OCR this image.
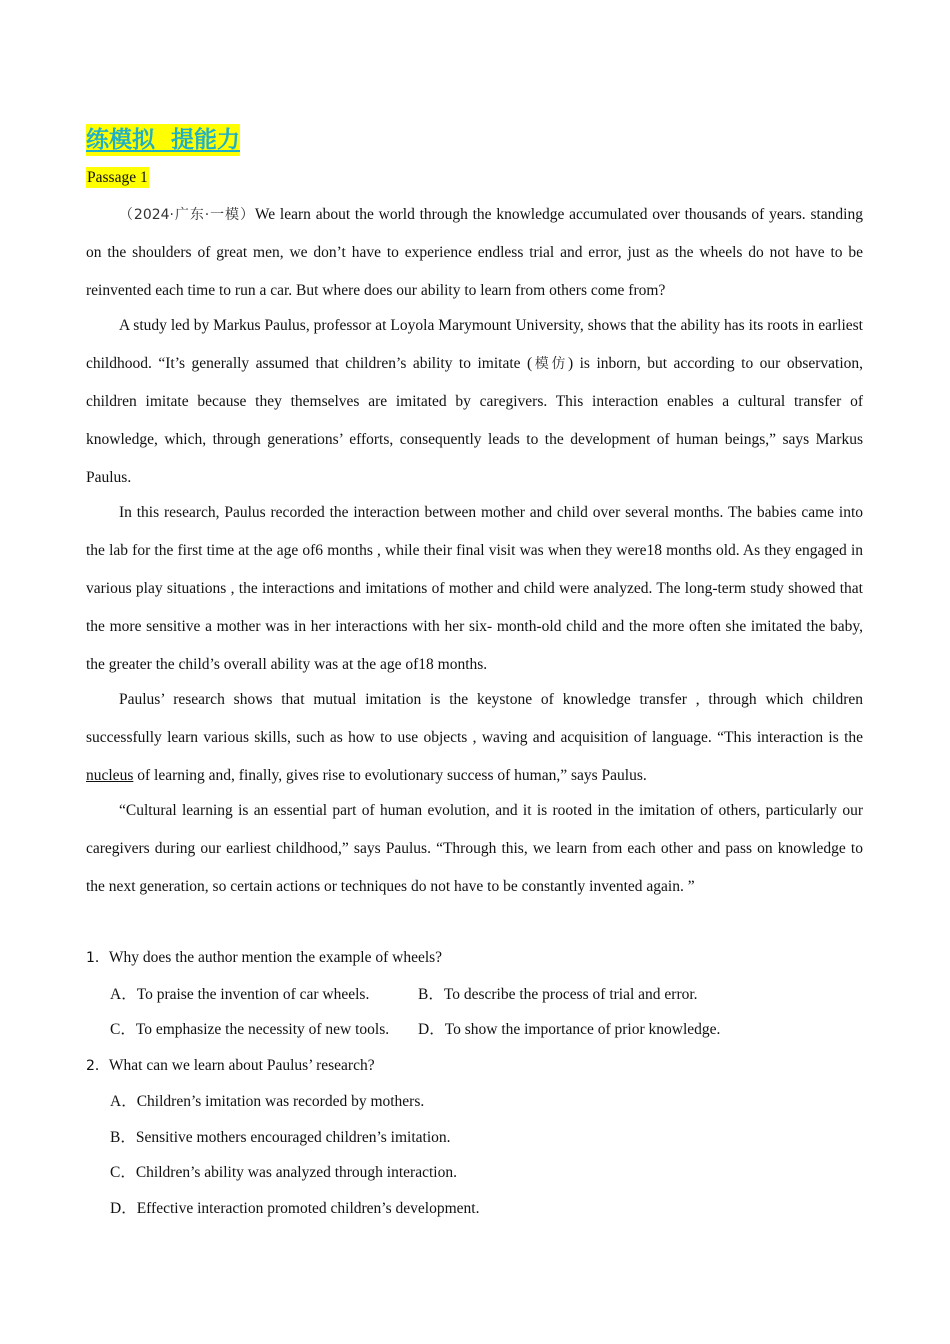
练模拟  提能力
Passage 1

（2024·广东·一模）We learn about the world through the knowledge accumulated over thousands of years. standing on the shoulders of great men, we don’t have to experience endless trial and error, just as the wheels do not have to be reinvented each time to run a car. But where does our ability to learn from others come from?

A study led by Markus Paulus, professor at Loyola Marymount University, shows that the ability has its roots in earliest childhood. “It’s generally assumed that children’s ability to imitate (模仿) is inborn, but according to our observation, children imitate because they themselves are imitated by caregivers. This interaction enables a cultural transfer of knowledge, which, through generations’ efforts, consequently leads to the development of human beings,” says Markus Paulus.

In this research, Paulus recorded the interaction between mother and child over several months. The babies came into the lab for the first time at the age of6 months , while their final visit was when they were18 months old. As they engaged in various play situations , the interactions and imitations of mother and child were analyzed. The long-term study showed that the more sensitive a mother was in her interactions with her six- month-old child and the more often she imitated the baby, the greater the child’s overall ability was at the age of18 months.

Paulus’ research shows that mutual imitation is the keystone of knowledge transfer , through which children successfully learn various skills, such as how to use objects , waving and acquisition of language. “This interaction is the nucleus of learning and, finally, gives rise to evolutionary success of human,” says Paulus.

“Cultural learning is an essential part of human evolution, and it is rooted in the imitation of others, particularly our caregivers during our earliest childhood,” says Paulus. “Through this, we learn from each other and pass on knowledge to the next generation, so certain actions or techniques do not have to be constantly invented again. ”

1．Why does the author mention the example of wheels?

A．To praise the invention of car wheels.	B．To describe the process of trial and error.

C．To emphasize the necessity of new tools. D．To show the importance of prior knowledge.

2．What can we learn about Paulus’ research?

A．Children’s imitation was recorded by mothers.

B．Sensitive mothers encouraged children’s imitation.

C．Children’s ability was analyzed through interaction.

D．Effective interaction promoted children’s development.
